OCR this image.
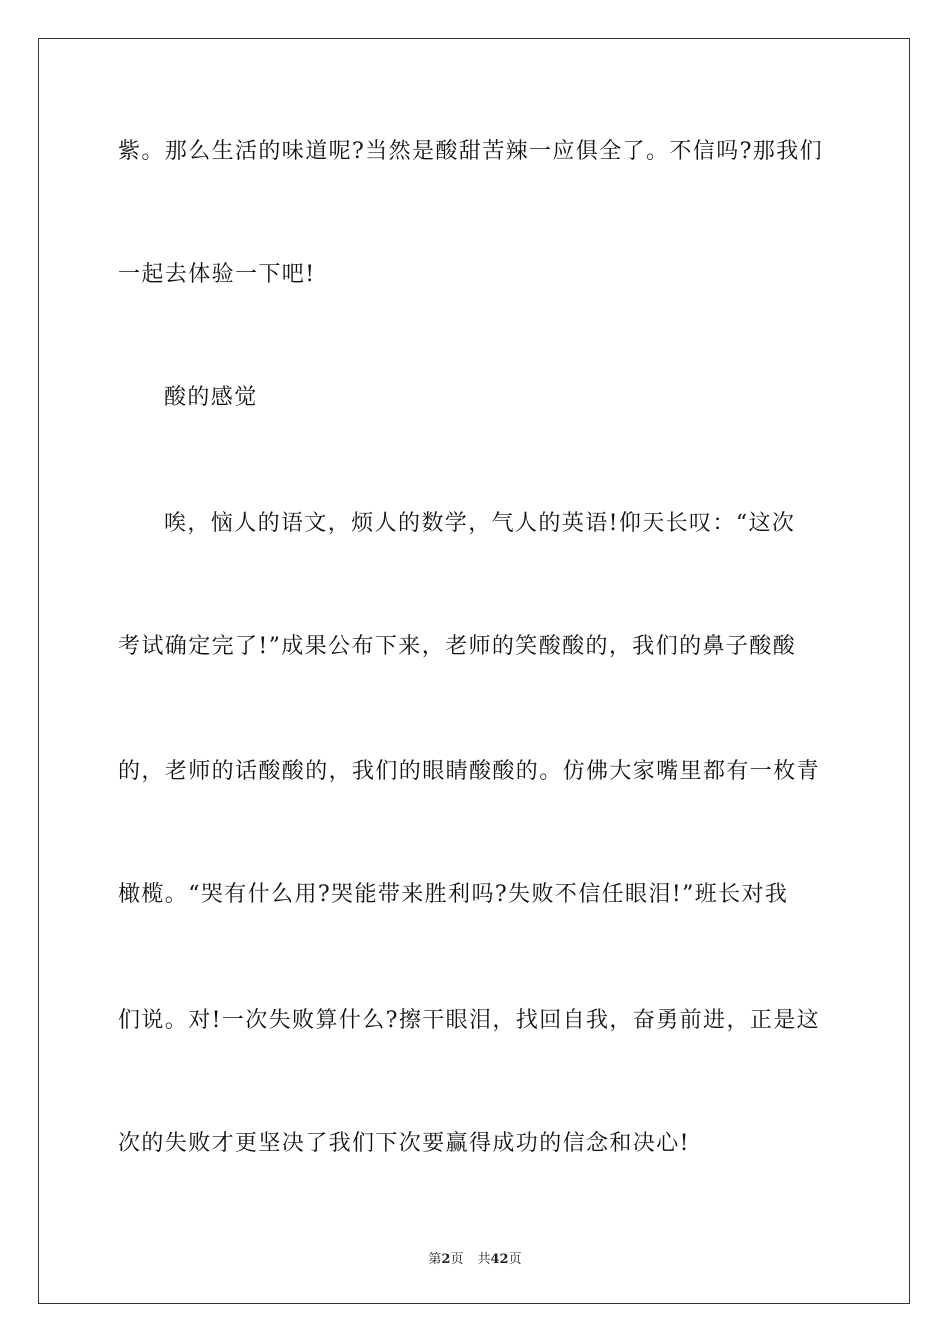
紫。那么生活的味道呢?当然是酸甜苦辣一应俱全了。不信吗?那我们
一起去体验一下吧!
酸的感觉
唉，恼人的语文，烦人的数学，气人的英语!仰天长叹：“这次
考试确定完了!”成果公布下来，老师的笑酸酸的，我们的鼻子酸酸
的，老师的话酸酸的，我们的眼睛酸酸的。仿佛大家嘴里都有一枚青
橄榄。“哭有什么用?哭能带来胜利吗?失败不信任眼泪!”班长对我
们说。对!一次失败算什么?擦干眼泪，找回自我，奋勇前进，正是这
次的失败才更坚决了我们下次要赢得成功的信念和决心!
第2页 共42页
